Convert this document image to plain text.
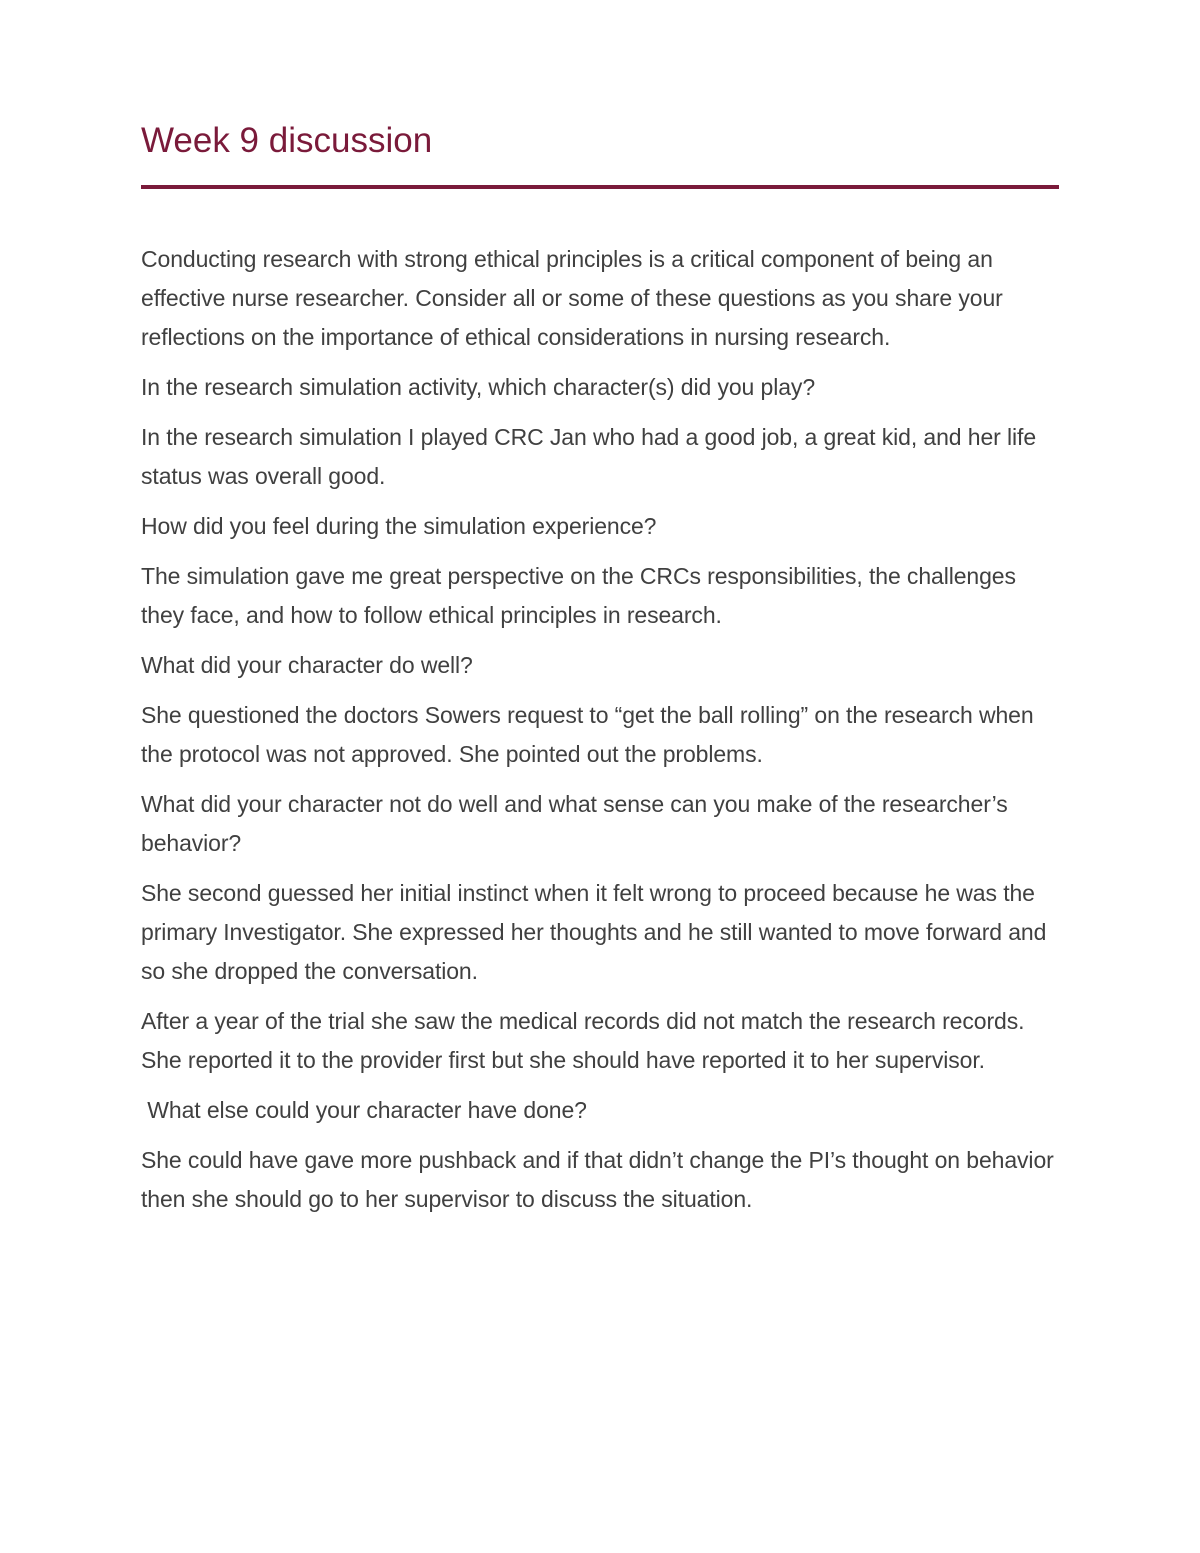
Week 9 discussion

Conducting research with strong ethical principles is a critical component of being an effective nurse researcher. Consider all or some of these questions as you share your reflections on the importance of ethical considerations in nursing research.

In the research simulation activity, which character(s) did you play?

In the research simulation I played CRC Jan who had a good job, a great kid, and her life status was overall good.

How did you feel during the simulation experience?

The simulation gave me great perspective on the CRCs responsibilities, the challenges they face, and how to follow ethical principles in research.

What did your character do well?

She questioned the doctors Sowers request to “get the ball rolling” on the research when the protocol was not approved. She pointed out the problems.

What did your character not do well and what sense can you make of the researcher’s behavior?

She second guessed her initial instinct when it felt wrong to proceed because he was the primary Investigator. She expressed her thoughts and he still wanted to move forward and so she dropped the conversation.

After a year of the trial she saw the medical records did not match the research records. She reported it to the provider first but she should have reported it to her supervisor.

What else could your character have done?

She could have gave more pushback and if that didn’t change the PI’s thought on behavior then she should go to her supervisor to discuss the situation.
